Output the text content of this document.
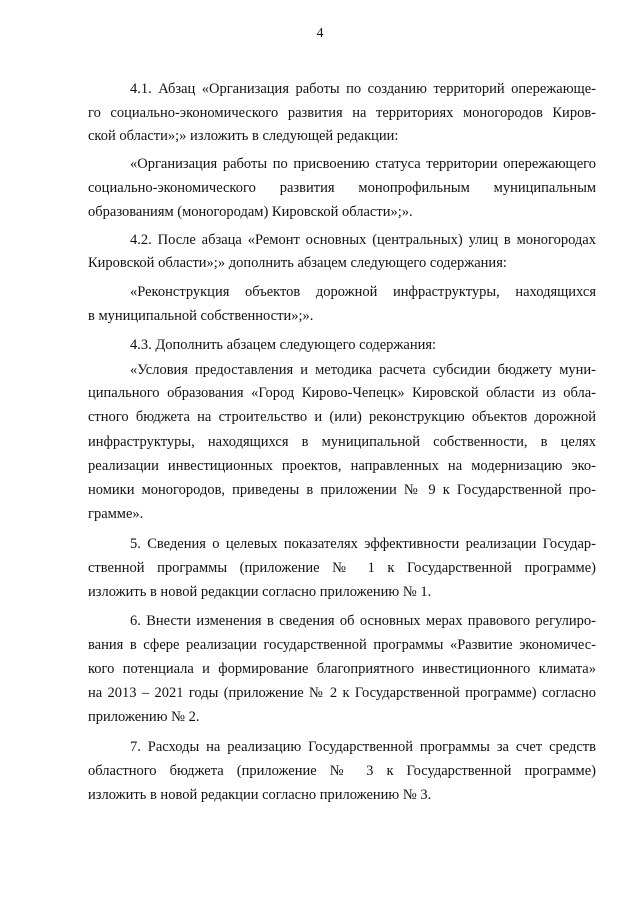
4
4.1. Абзац «Организация работы по созданию территорий опережающе-
го социально-экономического развития на территориях моногородов Киров-
ской области»;» изложить в следующей редакции:
«Организация работы по присвоению статуса территории опережающего
социально-экономического развития монопрофильным муниципальным
образованиям (моногородам) Кировской области»;».
4.2. После абзаца «Ремонт основных (центральных) улиц в моногородах
Кировской области»;» дополнить абзацем следующего содержания:
«Реконструкция объектов дорожной инфраструктуры, находящихся
в муниципальной собственности»;».
4.3. Дополнить абзацем следующего содержания:
«Условия предоставления и методика расчета субсидии бюджету муни-
ципального образования «Город Кирово-Чепецк» Кировской области из обла-
стного бюджета на строительство и (или) реконструкцию объектов дорожной
инфраструктуры, находящихся в муниципальной собственности, в целях
реализации инвестиционных проектов, направленных на модернизацию эко-
номики моногородов, приведены в приложении № 9 к Государственной про-
грамме».
5. Сведения о целевых показателях эффективности реализации Государ-
ственной программы (приложение № 1 к Государственной программе)
изложить в новой редакции согласно приложению № 1.
6. Внести изменения в сведения об основных мерах правового регулиро-
вания в сфере реализации государственной программы «Развитие экономичес-
кого потенциала и формирование благоприятного инвестиционного климата»
на 2013 – 2021 годы (приложение № 2 к Государственной программе) согласно
приложению № 2.
7. Расходы на реализацию Государственной программы за счет средств
областного бюджета (приложение № 3 к Государственной программе)
изложить в новой редакции согласно приложению № 3.
